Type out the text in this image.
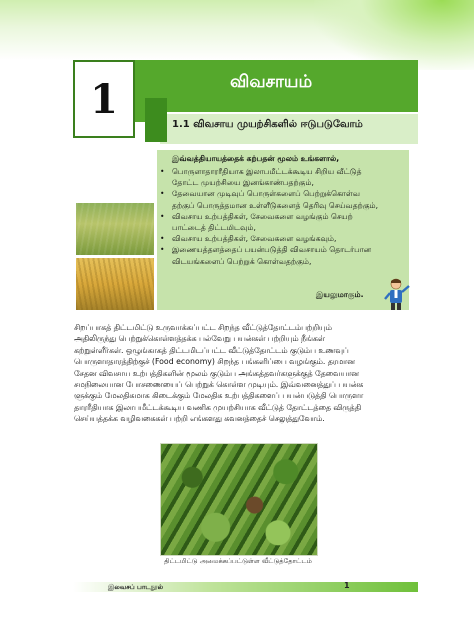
விவசாயம்
1.1 விவசாய முயற்சிகளில் ஈடுபடுவோம்
1
இவ்வத்தியாயத்தைக் கற்பதன் மூலம் உங்களால்,
• பொருளாதாரரீதியாக இலாபமீட்டக்கூடிய சிறிய வீட்டுத்
தோட்ட முயற்சியை இனங்காண்பதற்கும்,
• தேவையான முடிவுப் பொருள்களைப் பெற்றுக்கொள்வ
தற்குப் பொருத்தமான உள்ளீடுகளைத் தெரிவு செய்வதற்கும்,
• விவசாய உற்பத்திகள், சேவைகளை வழங்கும் செயற்
பாட்டைத் திட்டமிடவும்,
• விவசாய உற்பத்திகள், சேவைகளை வழங்கவும்,
• இணையத்தளத்தைப் பயன்படுத்தி விவசாயம் தொடர்பான
விடயங்களைப் பெற்றுக் கொள்வதற்கும்,
இயலுமாகும்.
சிறப்பாகத் திட்டமிட்டு உருவாக்கப்பட்ட சிறந்த வீட்டுத்தோட்டம்பற்றியும்
அதிலிருந்து பெற்றுக்கொள்ளத்தக்க பல்வேறு பயன்கள் பற்றியும் நீங்கள்
கற்றுள்ளீர்கள். ஒழுங்காகத் திட்டமிடப்பட்ட வீட்டுத்தோட்டம் குடும்ப உணவுப்
பொருளாதாரத்திற்குச் (Food economy) சிறந்த பங்களிப்பை வழங்கும். தரமான
சேதன விவசாய உற்பத்திகளின் மூலம் குடும்ப அங்கத்தவர்களுக்குத் தேவையான
சமநிலையான போசணையைப் பெற்றுக் கொள்ள முடியும். இவ்வனைத்துப் பயன்க
ளுக்கும் மேலதிகமாக கிடைக்கும் மேலதிக உற்பத்திகளைப் பயன்படுத்தி பொருளா
தாரரீதியாக இலாபமீட்டக்கூடிய வணிக முயற்சியாக வீட்டுத் தோட்டத்தை விருத்தி
செய்யத்தக்க வழிவகைகள் பற்றி எங்களது கவனத்தைச் செலுத்துவோம்.
திட்டமிட்டு அமைக்கப்பட்டுள்ள வீட்டுத்தோட்டம்
இலவசப் பாடநூல்	1
